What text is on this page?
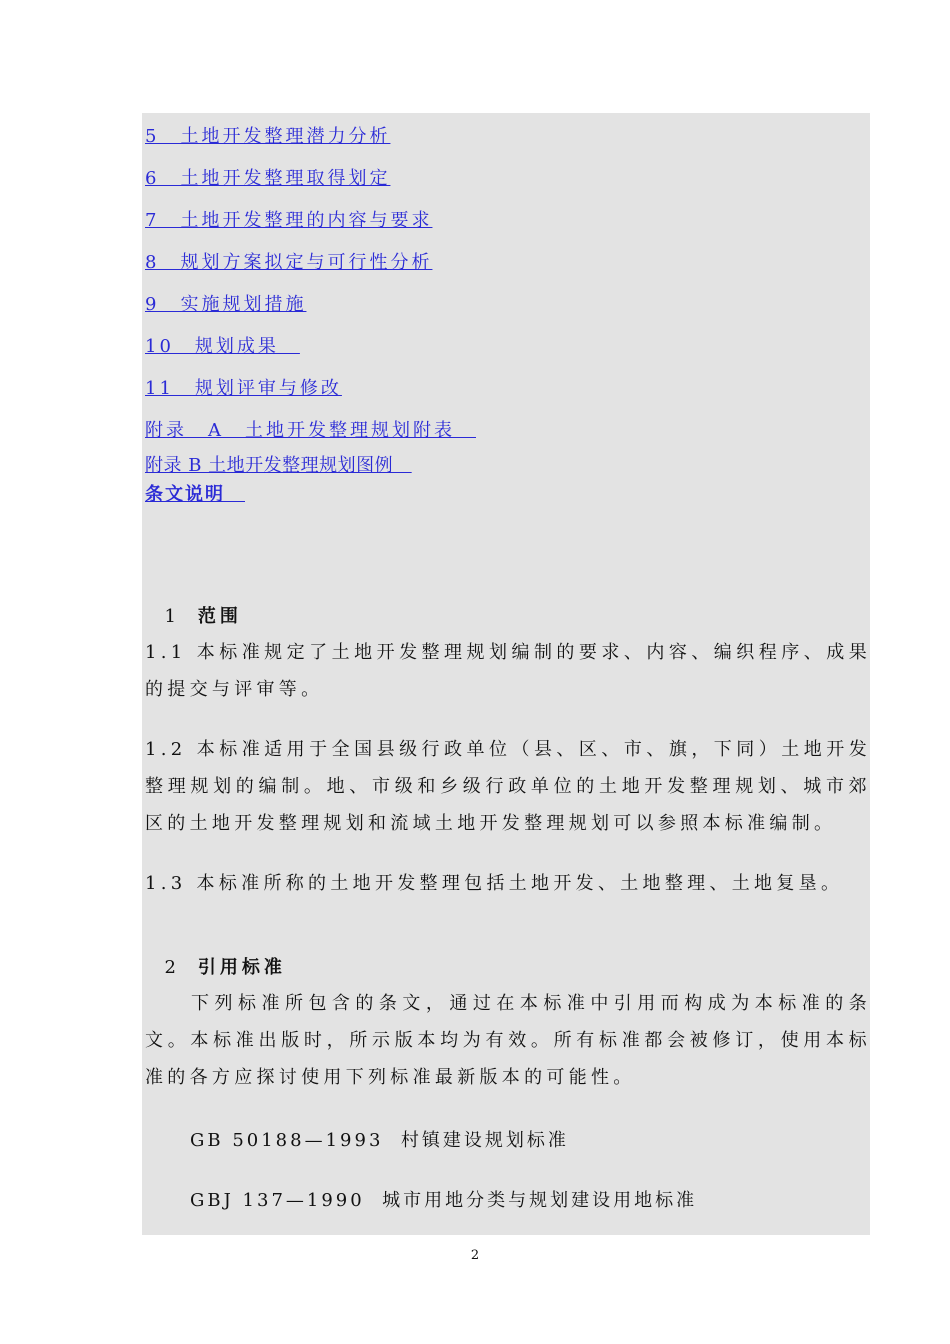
5　土地开发整理潜力分析
6　土地开发整理取得划定
7　土地开发整理的内容与要求
8　规划方案拟定与可行性分析
9　实施规划措施
10　规划成果　
11　规划评审与修改
附录　A　土地开发整理规划附表　
附录 B 土地开发整理规划图例　
条文说明　

1 范围

1.1 本标准规定了土地开发整理规划编制的要求、内容、编织程序、成果的提交与评审等。

1.2 本标准适用于全国县级行政单位（县、区、市、旗，下同）土地开发整理规划的编制。地、市级和乡级行政单位的土地开发整理规划、城市郊区的土地开发整理规划和流域土地开发整理规划可以参照本标准编制。

1.3 本标准所称的土地开发整理包括土地开发、土地整理、土地复垦。

2 引用标准

下列标准所包含的条文，通过在本标准中引用而构成为本标准的条文。本标准出版时，所示版本均为有效。所有标准都会被修订，使用本标准的各方应探讨使用下列标准最新版本的可能性。

GB 50188—1993  村镇建设规划标准
GBJ 137—1990  城市用地分类与规划建设用地标准
2
